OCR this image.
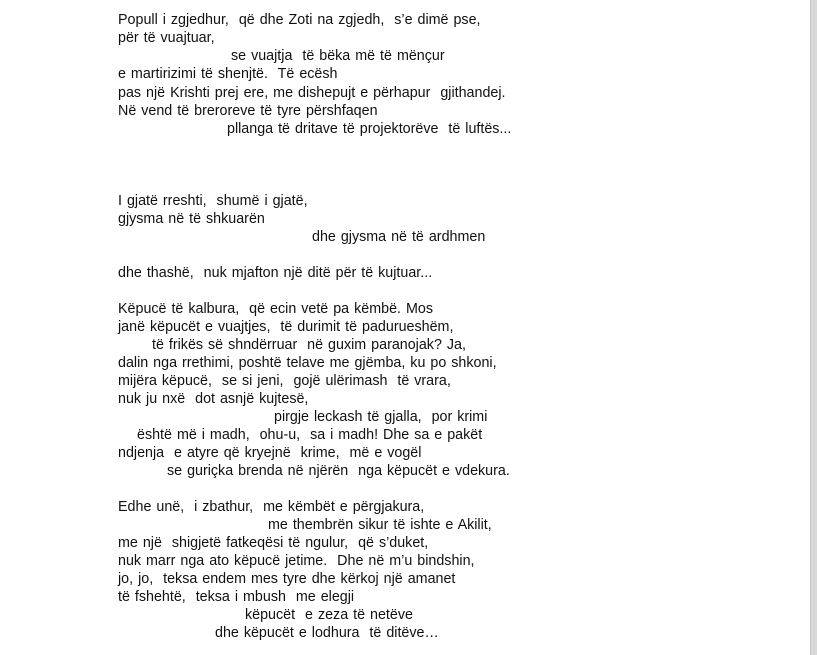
Popull i zgjedhur,  që dhe Zoti na zgjedh,  s’e dimë pse,
për të vuajtuar,
se vuajtja  të bëka më të mënçur
e martirizimi të shenjtë.  Të ecësh
pas një Krishti prej ere, me dishepujt e përhapur  gjithandej.
Në vend të breroreve të tyre përshfaqen
pllanga të dritave të projektorëve  të luftës...
I gjatë rreshti,  shumë i gjatë,
gjysma në të shkuarën
dhe gjysma në të ardhmen
dhe thashë,  nuk mjafton një ditë për të kujtuar...
Këpucë të kalbura,  që ecin vetë pa këmbë. Mos
janë këpucët e vuajtjes,  të durimit të padurueshëm,
të frikës së shndërruar  në guxim paranojak? Ja,
dalin nga rrethimi, poshtë telave me gjëmba, ku po shkoni,
mijëra këpucë,  se si jeni,  gojë ulërimash  të vrara,
nuk ju nxë  dot asnjë kujtesë,
pirgje leckash të gjalla,  por krimi
është më i madh,  ohu-u,  sa i madh! Dhe sa e pakët
ndjenja  e atyre që kryejnë  krime,  më e vogël
se guriçka brenda në njërën  nga këpucët e vdekura.
Edhe unë,  i zbathur,  me këmbët e përgjakura,
me thembrën sikur të ishte e Akilit,
me një  shigjetë fatkeqësi të ngulur,  që s’duket,
nuk marr nga ato këpucë jetime.  Dhe në m’u bindshin,
jo, jo,  teksa endem mes tyre dhe kërkoj një amanet
të fshehtë,  teksa i mbush  me elegji
këpucët  e zeza të netëve
dhe këpucët e lodhura  të ditëve…
